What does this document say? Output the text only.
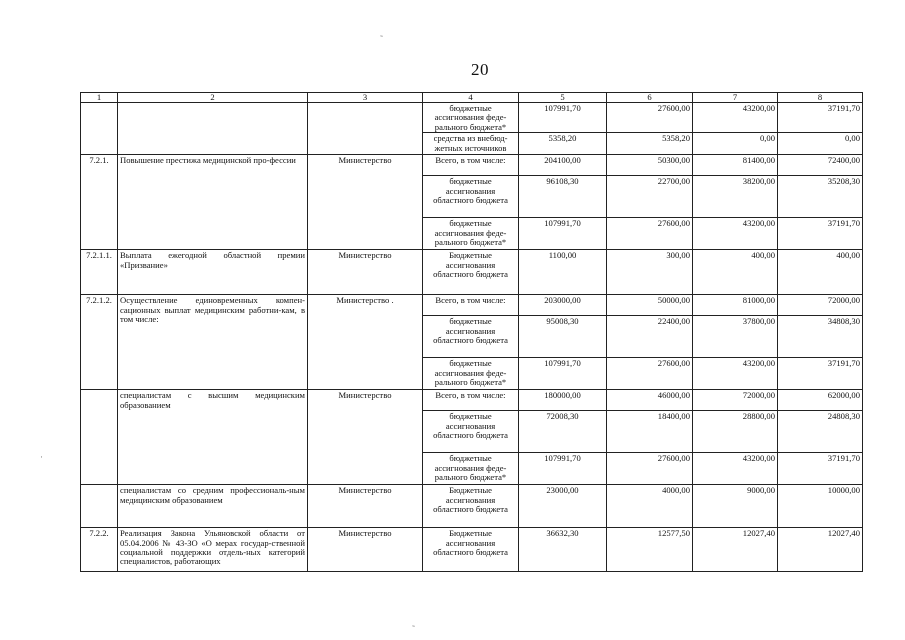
20
1	2	3	4	5	6	7	8
			бюджетные ассигнования феде-рального бюджета*	107991,70	27600,00	43200,00	37191,70
			средства из внебюд-жетных источников	5358,20	5358,20	0,00	0,00
7.2.1.	Повышение престижа медицинской про-фессии	Министерство	Всего, в том числе:	204100,00	50300,00	81400,00	72400,00
			бюджетные ассигнования областного бюджета	96108,30	22700,00	38200,00	35208,30
			бюджетные ассигнования феде-рального бюджета*	107991,70	27600,00	43200,00	37191,70
7.2.1.1.	Выплата ежегодной областной премии «Призвание»	Министерство	Бюджетные ассигнования областного бюджета	1100,00	300,00	400,00	400,00
7.2.1.2.	Осуществление единовременных компен-сационных выплат медицинским работни-кам, в том числе:	Министерство .	Всего, в том числе:	203000,00	50000,00	81000,00	72000,00
			бюджетные ассигнования областного бюджета	95008,30	22400,00	37800,00	34808,30
			бюджетные ассигнования феде-рального бюджета*	107991,70	27600,00	43200,00	37191,70
	специалистам с высшим медицинским образованием	Министерство	Всего, в том числе:	180000,00	46000,00	72000,00	62000,00
			бюджетные ассигнования областного бюджета	72008,30	18400,00	28800,00	24808,30
			бюджетные ассигнования феде-рального бюджета*	107991,70	27600,00	43200,00	37191,70
	специалистам со средним профессиональ-ным медицинским образованием	Министерство	Бюджетные ассигнования областного бюджета	23000,00	4000,00	9000,00	10000,00
7.2.2.	Реализация Закона Ульяновской области от 05.04.2006 № 43-ЗО «О мерах государ-ственной социальной поддержки отдель-ных категорий специалистов, работающих	Министерство	Бюджетные ассигнования областного бюджета	36632,30	12577,50	12027,40	12027,40
˜
·
˜
